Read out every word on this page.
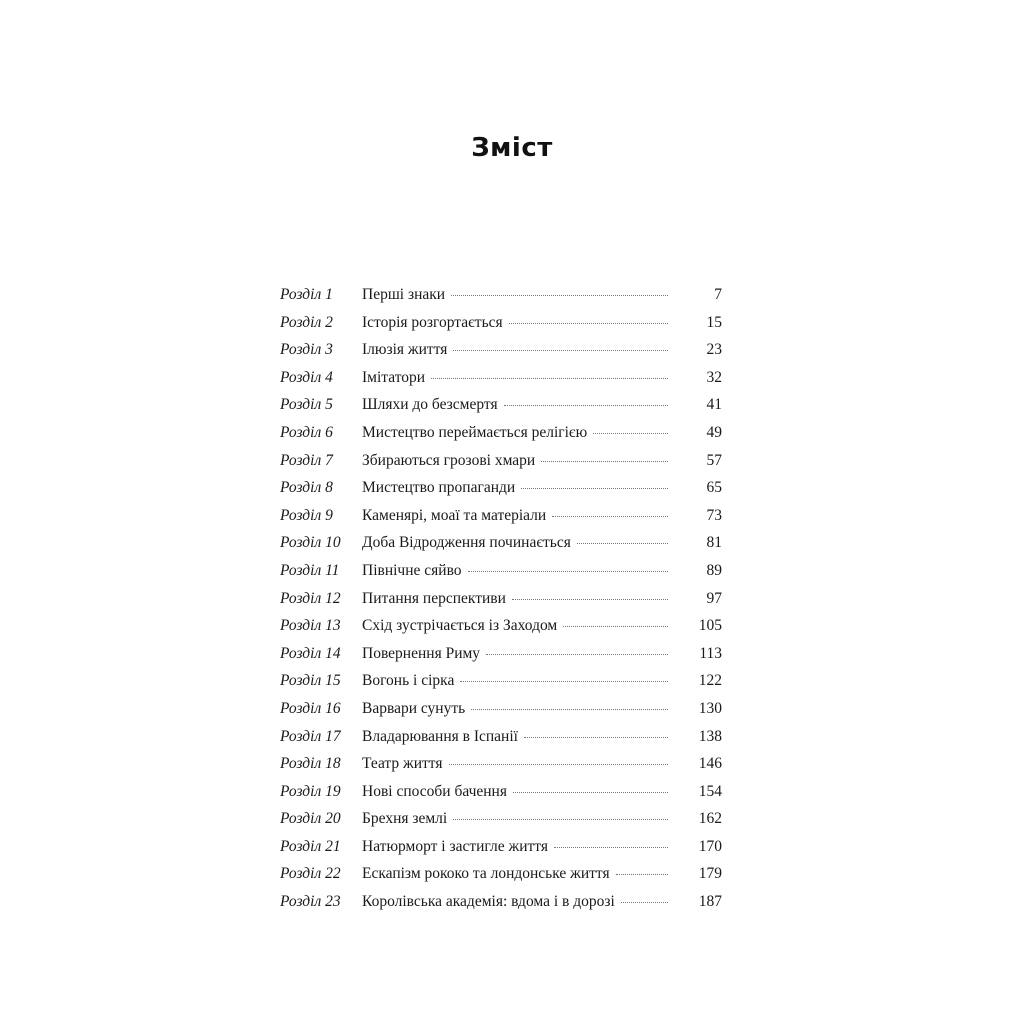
Зміст
Розділ 1	Перші знаки	7
Розділ 2	Історія розгортається	15
Розділ 3	Ілюзія життя	23
Розділ 4	Імітатори	32
Розділ 5	Шляхи до безсмертя	41
Розділ 6	Мистецтво переймається релігією	49
Розділ 7	Збираються грозові хмари	57
Розділ 8	Мистецтво пропаганди	65
Розділ 9	Каменярі, моаї та матеріали	73
Розділ 10	Доба Відродження починається	81
Розділ 11	Північне сяйво	89
Розділ 12	Питання перспективи	97
Розділ 13	Схід зустрічається із Заходом	105
Розділ 14	Повернення Риму	113
Розділ 15	Вогонь і сірка	122
Розділ 16	Варвари сунуть	130
Розділ 17	Владарювання в Іспанії	138
Розділ 18	Театр життя	146
Розділ 19	Нові способи бачення	154
Розділ 20	Брехня землі	162
Розділ 21	Натюрморт і застигле життя	170
Розділ 22	Ескапізм рококо та лондонське життя	179
Розділ 23	Королівська академія: вдома і в дорозі	187
